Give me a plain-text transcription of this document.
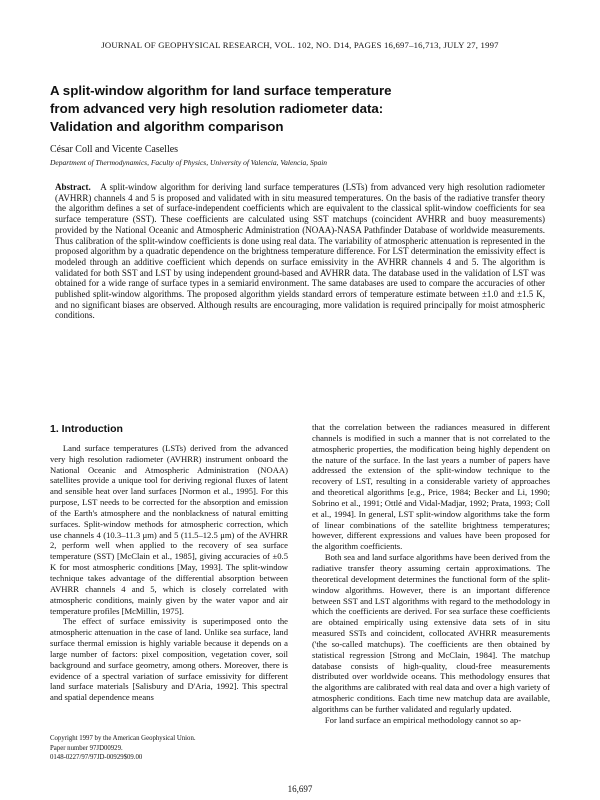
JOURNAL OF GEOPHYSICAL RESEARCH, VOL. 102, NO. D14, PAGES 16,697–16,713, JULY 27, 1997
A split-window algorithm for land surface temperature
from advanced very high resolution radiometer data:
Validation and algorithm comparison
César Coll and Vicente Caselles
Department of Thermodynamics, Faculty of Physics, University of Valencia, Valencia, Spain

Abstract. A split-window algorithm for deriving land surface temperatures (LSTs) from advanced very high resolution radiometer (AVHRR) channels 4 and 5 is proposed and validated with in situ measured temperatures. On the basis of the radiative transfer theory the algorithm defines a set of surface-independent coefficients which are equivalent to the classical split-window coefficients for sea surface temperature (SST). These coefficients are calculated using SST matchups (coincident AVHRR and buoy measurements) provided by the National Oceanic and Atmospheric Administration (NOAA)-NASA Pathfinder Database of worldwide measurements. Thus calibration of the split-window coefficients is done using real data. The variability of atmospheric attenuation is represented in the proposed algorithm by a quadratic dependence on the brightness temperature difference. For LST determination the emissivity effect is modeled through an additive coefficient which depends on surface emissivity in the AVHRR channels 4 and 5. The algorithm is validated for both SST and LST by using independent ground-based and AVHRR data. The database used in the validation of LST was obtained for a wide range of surface types in a semiarid environment. The same databases are used to compare the accuracies of other published split-window algorithms. The proposed algorithm yields standard errors of temperature estimate between ±1.0 and ±1.5 K, and no significant biases are observed. Although results are encouraging, more validation is required principally for moist atmospheric conditions.

1. Introduction

Land surface temperatures (LSTs) derived from the advanced very high resolution radiometer (AVHRR) instrument onboard the National Oceanic and Atmospheric Administration (NOAA) satellites provide a unique tool for deriving regional fluxes of latent and sensible heat over land surfaces [Normon et al., 1995]. For this purpose, LST needs to be corrected for the absorption and emission of the Earth's atmosphere and the nonblackness of natural emitting surfaces. Split-window methods for atmospheric correction, which use channels 4 (10.3–11.3 μm) and 5 (11.5–12.5 μm) of the AVHRR 2, perform well when applied to the recovery of sea surface temperature (SST) [McClain et al., 1985], giving accuracies of ±0.5 K for most atmospheric conditions [May, 1993]. The split-window technique takes advantage of the differential absorption between AVHRR channels 4 and 5, which is closely correlated with atmospheric conditions, mainly given by the water vapor and air temperature profiles [McMillin, 1975].

The effect of surface emissivity is superimposed onto the atmospheric attenuation in the case of land. Unlike sea surface, land surface thermal emission is highly variable because it depends on a large number of factors: pixel composition, vegetation cover, soil background and surface geometry, among others. Moreover, there is evidence of a spectral variation of surface emissivity for different land surface materials [Salisbury and D'Aria, 1992]. This spectral and spatial dependence means

that the correlation between the radiances measured in different channels is modified in such a manner that is not correlated to the atmospheric properties, the modification being highly dependent on the nature of the surface. In the last years a number of papers have addressed the extension of the split-window technique to the recovery of LST, resulting in a considerable variety of approaches and theoretical algorithms [e.g., Price, 1984; Becker and Li, 1990; Sobrino et al., 1991; Ottlé and Vidal-Madjar, 1992; Prata, 1993; Coll et al., 1994]. In general, LST split-window algorithms take the form of linear combinations of the satellite brightness temperatures; however, different expressions and values have been proposed for the algorithm coefficients.

Both sea and land surface algorithms have been derived from the radiative transfer theory assuming certain approximations. The theoretical development determines the functional form of the split-window algorithms. However, there is an important difference between SST and LST algorithms with regard to the methodology in which the coefficients are derived. For sea surface these coefficients are obtained empirically using extensive data sets of in situ measured SSTs and coincident, collocated AVHRR measurements ('the so-called matchups). The coefficients are then obtained by statistical regression [Strong and McClain, 1984]. The matchup database consists of high-quality, cloud-free measurements distributed over worldwide oceans. This methodology ensures that the algorithms are calibrated with real data and over a high variety of atmospheric conditions. Each time new matchup data are available, algorithms can be further validated and regularly updated.

For land surface an empirical methodology cannot so ap-

Copyright 1997 by the American Geophysical Union.
Paper number 97JD00929.
0148-0227/97/97JD-00929$09.00
16,697
